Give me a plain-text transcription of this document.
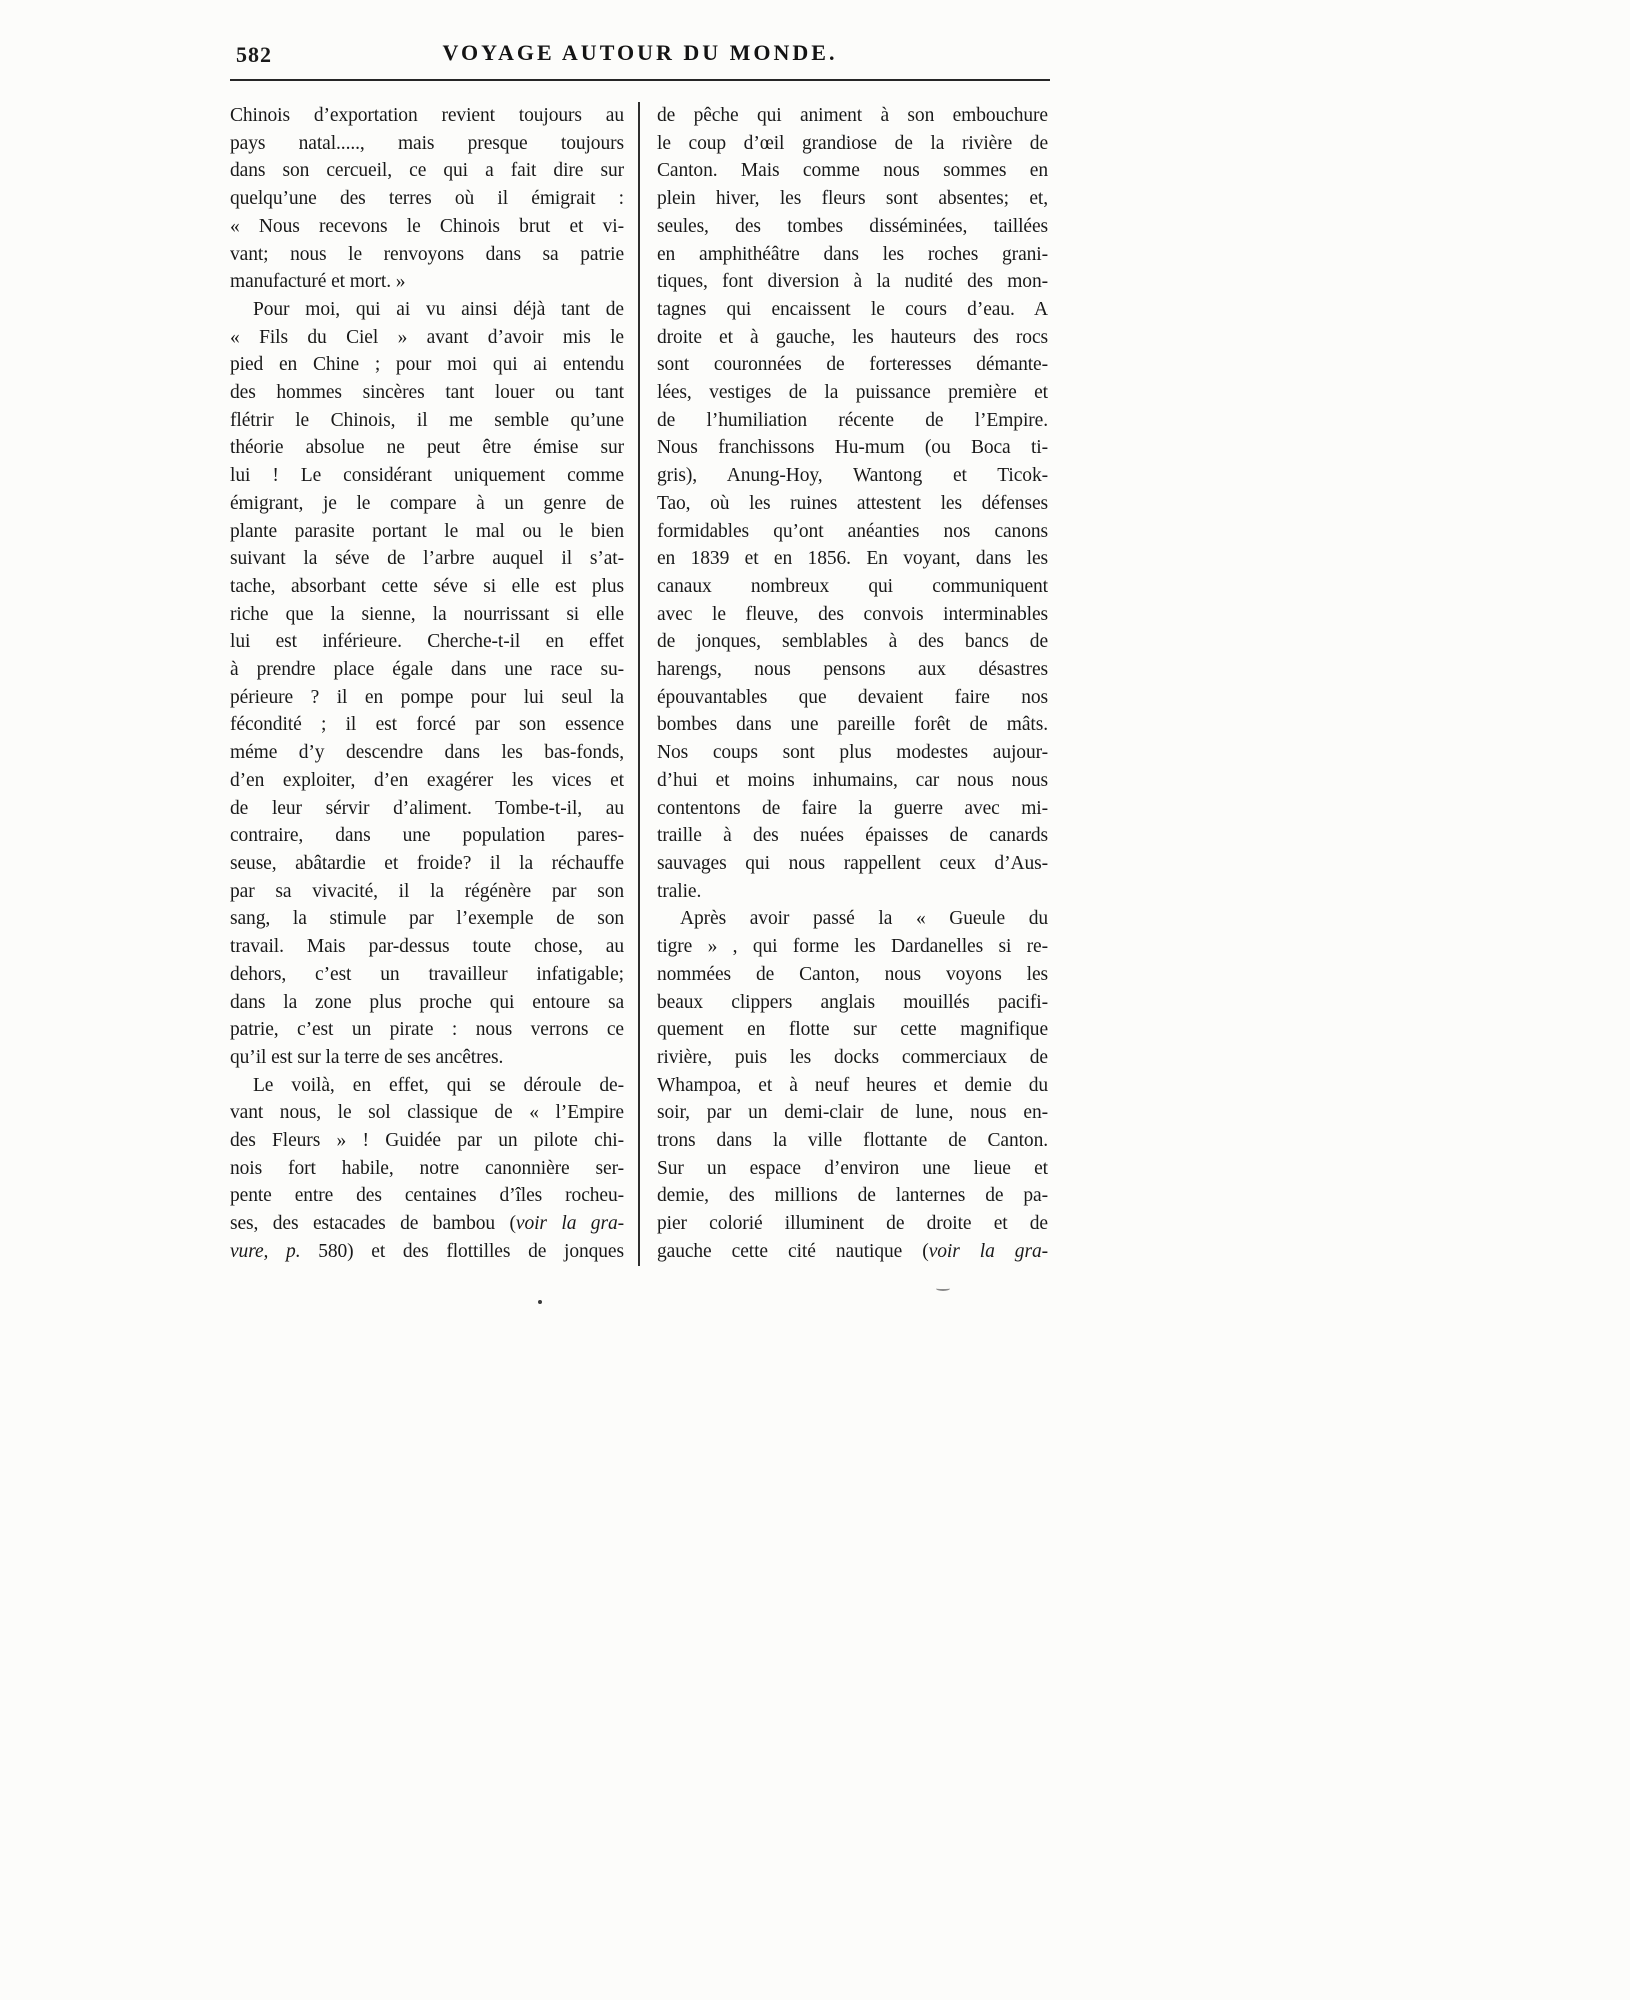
582	VOYAGE AUTOUR DU MONDE.
Chinois d’exportation revient toujours au
pays natal....., mais presque toujours
dans son cercueil, ce qui a fait dire sur
quelqu’une des terres où il émigrait :
« Nous recevons le Chinois brut et vi-
vant; nous le renvoyons dans sa patrie
manufacturé et mort. »
Pour moi, qui ai vu ainsi déjà tant de
« Fils du Ciel » avant d’avoir mis le
pied en Chine ; pour moi qui ai entendu
des hommes sincères tant louer ou tant
flétrir le Chinois, il me semble qu’une
théorie absolue ne peut être émise sur
lui ! Le considérant uniquement comme
émigrant, je le compare à un genre de
plante parasite portant le mal ou le bien
suivant la séve de l’arbre auquel il s’at-
tache, absorbant cette séve si elle est plus
riche que la sienne, la nourrissant si elle
lui est inférieure. Cherche-t-il en effet
à prendre place égale dans une race su-
périeure ? il en pompe pour lui seul la
fécondité ; il est forcé par son essence
méme d’y descendre dans les bas-fonds,
d’en exploiter, d’en exagérer les vices et
de leur sérvir d’aliment. Tombe-t-il, au
contraire, dans une population pares-
seuse, abâtardie et froide? il la réchauffe
par sa vivacité, il la régénère par son
sang, la stimule par l’exemple de son
travail. Mais par-dessus toute chose, au
dehors, c’est un travailleur infatigable;
dans la zone plus proche qui entoure sa
patrie, c’est un pirate : nous verrons ce
qu’il est sur la terre de ses ancêtres.
Le voilà, en effet, qui se déroule de-
vant nous, le sol classique de « l’Empire
des Fleurs » ! Guidée par un pilote chi-
nois fort habile, notre canonnière ser-
pente entre des centaines d’îles rocheu-
ses, des estacades de bambou (voir la gra-
vure, p. 580) et des flottilles de jonques
de pêche qui animent à son embouchure
le coup d’œil grandiose de la rivière de
Canton. Mais comme nous sommes en
plein hiver, les fleurs sont absentes; et,
seules, des tombes disséminées, taillées
en amphithéâtre dans les roches grani-
tiques, font diversion à la nudité des mon-
tagnes qui encaissent le cours d’eau. A
droite et à gauche, les hauteurs des rocs
sont couronnées de forteresses démante-
lées, vestiges de la puissance première et
de l’humiliation récente de l’Empire.
Nous franchissons Hu-mum (ou Boca ti-
gris), Anung-Hoy, Wantong et Ticok-
Tao, où les ruines attestent les défenses
formidables qu’ont anéanties nos canons
en 1839 et en 1856. En voyant, dans les
canaux nombreux qui communiquent
avec le fleuve, des convois interminables
de jonques, semblables à des bancs de
harengs, nous pensons aux désastres
épouvantables que devaient faire nos
bombes dans une pareille forêt de mâts.
Nos coups sont plus modestes aujour-
d’hui et moins inhumains, car nous nous
contentons de faire la guerre avec mi-
traille à des nuées épaisses de canards
sauvages qui nous rappellent ceux d’Aus-
tralie.
Après avoir passé la « Gueule du
tigre » , qui forme les Dardanelles si re-
nommées de Canton, nous voyons les
beaux clippers anglais mouillés pacifi-
quement en flotte sur cette magnifique
rivière, puis les docks commerciaux de
Whampoa, et à neuf heures et demie du
soir, par un demi-clair de lune, nous en-
trons dans la ville flottante de Canton.
Sur un espace d’environ une lieue et
demie, des millions de lanternes de pa-
pier colorié illuminent de droite et de
gauche cette cité nautique (voir la gra-
